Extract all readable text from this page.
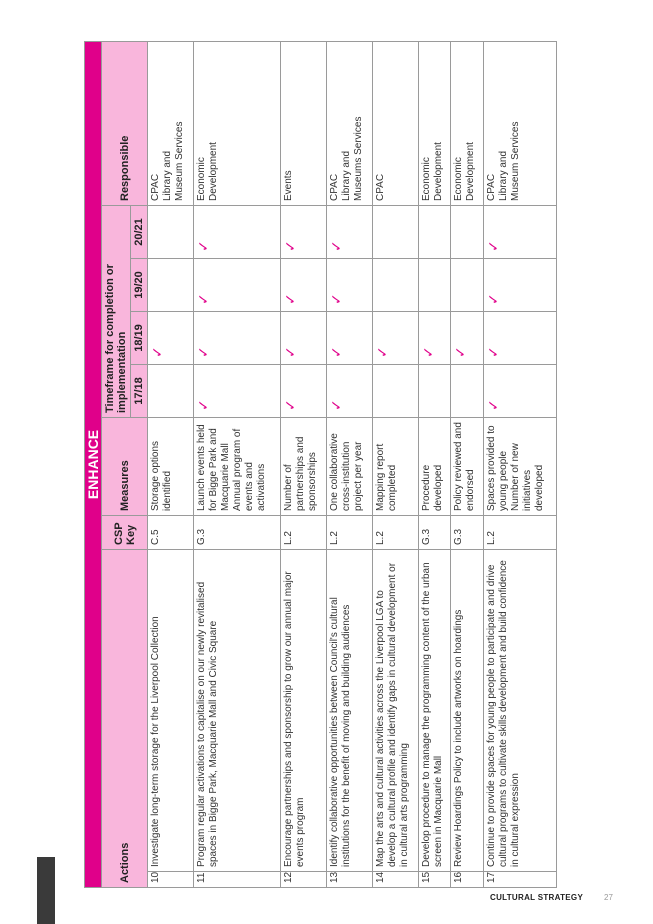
ENHANCE								
Actions		CSP Key	Measures	Timeframe for completion or implementation				Responsible
				17/18	18/19	19/20	20/21	
10	Investigate long-term storage for the Liverpool Collection	C.5	Storage options identified		✓			CPAC Library and Museum Services

11	Program regular activations to capitalise on our newly revitalised spaces in Bigge Park, Macquarie Mall and Civic Square	G.3	Launch events held for Bigge Park and Macquarie Mall Annual program of events and activations	✓	✓	✓	✓	Economic Development

12	Encourage partnerships and sponsorship to grow our annual major events program	L.2	Number of partnerships and sponsorships	✓	✓	✓	✓	Events

13	Identify collaborative opportunities between Council's cultural institutions for the benefit of moving and building audiences	L.2	One collaborative cross-institution project per year	✓	✓	✓	✓	CPAC Library and Museums Services

14	Map the arts and cultural activities across the Liverpool LGA to develop a cultural profile and identify gaps in cultural development or in cultural arts programming	L.2	Mapping report completed		✓			CPAC

15	Develop procedure to manage the programming content of the urban screen in Macquarie Mall	G.3	Procedure developed		✓			Economic Development

16	Review Hoardings Policy to include artworks on hoardings	G.3	Policy reviewed and endorsed		✓			Economic Development

17	Continue to provide spaces for young people to participate and drive cultural programs to cultivate skills development and build confidence in cultural expression	L.2	Spaces provided to young people Number of new initiatives developed	✓	✓	✓	✓	CPAC Library and Museum Services
CULTURAL STRATEGY	27
